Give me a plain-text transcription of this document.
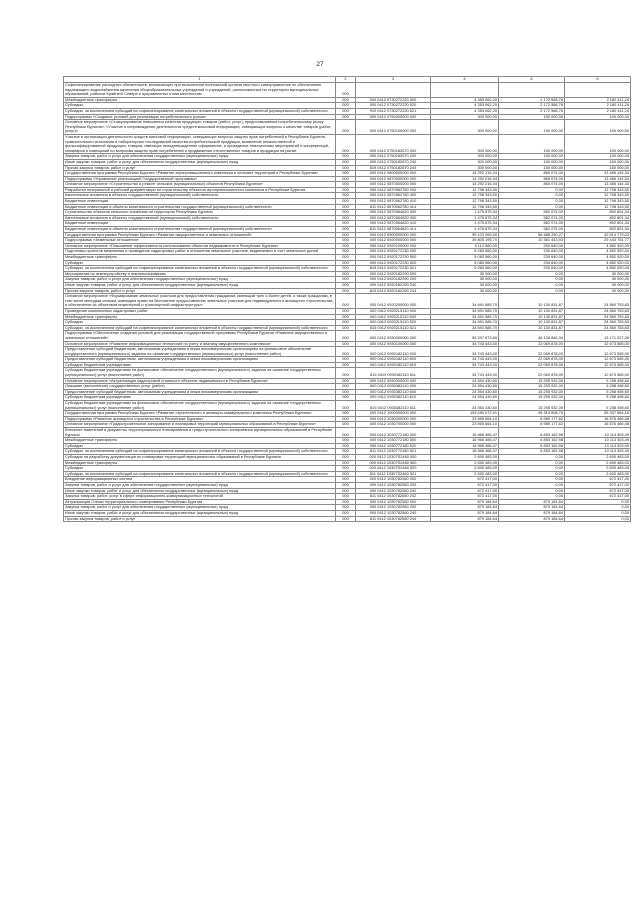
27
1	2	3	4	5	6
Софинансирование расходных обязательств, возникающих при выполнении полномочий органов местного самоуправления по обеспечению надлежащего водоснабжения населения общеобразовательных учреждений и учреждений, расположенных на территории муниципальных образований, районов Крайнего Севера и приравненных к ним местностям	000				
Межбюджетные трансферты	000	000 0412 0730272220 500	4 353 062,20	2 172 568,76	2 180 411,24
Субсидии	000	000 0412 0730272220 520	4 353 062,20	2 172 568,76	2 180 411,24
Субсидии, за исключением субсидий на софинансирование капитальных вложений в объекты государственной (муниципальной) собственности	000	910 0412 0730272220 521	4 353 062,20	2 172 568,76	2 180 411,24
Подпрограмма «Создание условий для реализации потребительского рынка»	000	000 0412 0750000000 000	300 000,00	150 000,00	150 000,00
Основное мероприятие «Стимулирование повышения качества продукции, товаров (работ, услуг), предоставляемых потребительскому рынку Республики Бурятия»; «Участие в сопровождении деятельности средств массовой информации, освещающих вопросы о качестве товаров (работ, услуг)»	000	000 0412 0750100000 000	300 000,00	150 000,00	150 000,00
Участие в организации деятельности средств массовой информации, освещающих вопросы защиты прав потребителей в Республике Бурятия, сравнительного испытания и лабораторных исследований качества потребительской продукции, выявление некачественной и фальсифицированной продукции, товаров, имеющих неподтвержденное оформление, и проведение тематических мероприятий и конференций, семинаров и совещаний по вопросам защиты прав потребителей и продвижения отечественных товаров и продукции на рынке	000	000 0412 0750182670 000	300 000,00	150 000,00	150 000,00
Закупка товаров, работ и услуг для обеспечения государственных (муниципальных) нужд	000	000 0412 0750182670 200	300 000,00	150 000,00	150 000,00
Иные закупки товаров, работ и услуг для обеспечения государственных (муниципальных) нужд	000	000 0412 0750182670 240	300 000,00	150 000,00	150 000,00
Прочая закупка товаров, работ и услуг	000	819 0412 0750182670 244	300 000,00	150 000,00	150 000,00
Государственная программа Республики Бурятия «Развитие агропромышленного комплекса и сельских территорий в Республике Бурятия»	000	000 0412 0800000000 000	14 292 216,34	865 074,00	13 486 144,34
Подпрограмма «Управление реализацией Государственной программы»	000	000 0412 0870000000 000	14 292 216,34	865 074,00	13 486 144,34
Основное мероприятие «Строительство и ремонт сельских (муниципальных) объектов Республики Бурятия»	000	000 0412 0870500000 000	14 292 216,34	865 074,00	13 486 144,34
Разработка генеральной и рабочей документации по строительству объектов агропромышленного комплекса в Республике Бурятия	000	000 0412 0870562780 000	12 798 343,50	0,00	12 798 343,50
Капитальные вложения в объекты государственной (муниципальной) собственности	000	000 0412 0870562780 400	12 798 343,50	0,00	12 798 343,50
Бюджетные инвестиции	000	000 0412 0870562780 410	12 798 343,50	0,00	12 798 343,50
Бюджетные инвестиции в объекты капитального строительства государственной (муниципальной) собственности	000	811 0412 0870562780 414	12 798 343,50	0,00	12 798 343,50
Строительство объектов сельского хозяйства на территории Республики Бурятия	000	000 0412 0870564820 000	1 475 875,34	582 074,00	892 801,34
Капитальные вложения в объекты государственной (муниципальной) собственности	000	000 0412 0870564820 400	1 475 875,34	582 074,00	892 801,34
Бюджетные инвестиции	000	000 0412 0870564820 410	1 475 875,34	582 074,00	892 801,34
Бюджетные инвестиции в объекты капитального строительства государственной (муниципальной) собственности	000	811 0412 0870564820 414	1 475 875,34	582 074,00	892 801,34
Государственная программа Республики Бурятия «Развитие имущественных и земельных отношений»	000	000 0412 0900000000 000	99 103 069,30	56 488 290,27	42 614 779,03
Подпрограмма «Земельные отношения»	000	000 0412 0920000000 000	39 805 195,70	10 361 443,93	29 443 751,77
Основное мероприятие «Повышение эффективности использования объектов недвижимости в Республике Бурятия»	000	000 0412 0920100000 000	5 113 560,00	250 640,00	4 862 920,00
Подготовка проектов межевания и проведение кадастровых работ в отношении земельных участков, выделяемых в счет земельных долей	000	000 0412 0920172230 000	5 083 560,00	230 640,00	4 852 920,00
Межбюджетные трансферты	000	000 0412 0920172230 500	5 083 560,00	230 640,00	4 852 920,00
Субсидии	000	000 0412 0920172230 520	5 083 560,00	230 640,00	4 852 920,00
Субсидии, за исключением субсидий на софинансирование капитальных вложений в объекты государственной (муниципальной) собственности	000	815 0412 0920172230 521	5 083 560,00	230 640,00	4 852 920,00
Мероприятия по землеустройству и землепользованию	000	000 0412 0920182290 000	30 000,00	0,00	30 000,00
Закупка товаров, работ и услуг для обеспечения государственных (муниципальных) нужд	000	000 0412 0920182290 200	30 000,00	0,00	30 000,00
Иные закупки товаров, работ и услуг для обеспечения государственных (муниципальных) нужд	000	000 0412 0920182290 240	30 000,00	0,00	30 000,00
Прочая закупка товаров, работ и услуг	000	815 0412 0920182290 244	30 000,00	0,00	30 000,00
Основное мероприятие «Формирование земельных участков для предоставления гражданам, имеющим трех и более детей, а также гражданам, в том числе молодым семьям, имеющим право на бесплатное предоставление земельных участков для индивидуального жилищного строительства, и обеспечение их объектами инженерной и транспортной инфраструктуры»	000	000 0412 0920200000 000	34 691 585,70	10 130 831,87	24 560 753,83
Проведение комплексных кадастровых работ	000	000 0412 09202L5110 000	34 691 585,70	10 130 831,87	24 560 753,83
Межбюджетные трансферты	000	000 0412 09202L5110 500	34 691 585,70	10 130 831,87	24 560 753,83
Субсидии	000	000 0412 09202L5110 520	34 691 585,70	10 130 831,87	24 560 753,83
Субсидии, за исключением субсидий на софинансирование капитальных вложений в объекты государственной (муниципальной) собственности	000	815 0412 09202L5110 521	34 691 585,70	10 130 831,87	24 560 753,83
Подпрограмма «Обеспечение создания условий для реализации государственной программы Республики Бурятия «Развитие имущественных и земельных отношений»	000	000 0412 0930000000 000	59 297 873,60	46 126 846,34	13 171 027,26
Основное мероприятие «Развитие информационных технологий по учету и анализу имущественного комплекса»	000	000 0412 0930100000 000	34 743 443,00	22 069 878,00	12 673 565,00
Предоставление субсидий бюджетным, автономным учреждениям и иным некоммерческим организациям на финансовое обеспечение государственного (муниципального) задания на оказание государственных (муниципальных) услуг (выполнение работ)	000	000 0412 0930182110 000	34 743 443,00	22 069 878,00	12 673 565,00
Предоставление субсидий бюджетным, автономным учреждениям и иным некоммерческим организациям	000	000 0412 0930182110 600	34 743 443,00	22 069 878,00	12 673 565,00
Субсидии бюджетным учреждениям	000	000 0412 0930182110 610	34 743 443,00	22 069 878,00	12 673 565,00
Субсидии бюджетным учреждениям на финансовое обеспечение государственного (муниципального) задания на оказание государственных (муниципальных) услуг (выполнение работ)	000	815 0412 0930182110 611	34 743 443,00	22 069 878,00	12 673 565,00
Основное мероприятие «Актуализация кадастровой стоимости объектов недвижимости в Республике Бурятия»	000	000 0412 0930300000 000	24 554 430,60	15 295 932,00	9 258 498,60
Оказание (выполнение) государственных услуг (работ)	000	000 0412 0930382110 000	24 554 430,60	15 295 932,00	9 258 498,60
Предоставление субсидий бюджетным, автономным учреждениям и иным некоммерческим организациям	000	000 0412 0930382110 600	24 554 430,60	15 295 932,00	9 258 498,60
Субсидии бюджетным учреждениям	000	000 0412 0930382110 610	24 554 430,60	15 295 932,00	9 258 498,60
Субсидии бюджетным учреждениям на финансовое обеспечение государственного (муниципального) задания на оказание государственных (муниципальных) услуг (выполнение работ)	000	815 0412 0930382110 611	24 554 430,60	15 295 932,00	9 258 498,60
Государственная программа Республики Бурятия «Развитие строительного и жилищно-коммунального комплекса Республики Бурятия»	000	000 0412 1000000000 000	153 650 072,91	98 312 508,75	55 337 564,16
Подпрограмма «Развитие жилищного строительства в Республике Бурятия»	000	000 0412 1030000000 000	23 565 664,10	6 989 177,62	16 576 486,48
Основное мероприятие «Градостроительное зонирование и планировка территорий муниципальных образований в Республике Бурятия»	000	000 0412 1030700000 000	23 565 664,10	6 989 177,62	16 576 486,48
Внесение изменений в документы территориального планирования и градостроительного зонирования муниципальных образований в Республике Бурятия	000	000 0412 1030772180 000	16 966 466,47	6 853 162,98	10 113 303,49
Межбюджетные трансферты	000	000 0412 1030772180 500	16 966 466,47	6 853 162,98	10 113 303,49
Субсидии	000	000 0412 1030772180 520	16 966 466,47	6 853 162,98	10 113 303,49
Субсидии, за исключением субсидий на софинансирование капитальных вложений в объекты государственной (муниципальной) собственности	000	811 0412 1030772180 521	16 966 466,47	6 853 162,98	10 113 303,49
Субсидия на разработку документации по планировке территорий муниципальных образований в Республике Бурятия	000	000 0412 10307S2460 000	2 600 483,00	0,00	2 600 483,00
Межбюджетные трансферты	000	000 0412 10307S2460 500	2 600 483,00	0,00	2 600 483,00
Субсидии	000	000 0412 10307S2460 520	2 600 483,00	0,00	2 600 483,00
Субсидии, за исключением субсидий на софинансирование капитальных вложений в объекты государственной (муниципальной) собственности	000	811 0412 10307S2460 521	2 600 483,00	0,00	2 600 483,00
Внедрение информационных систем	000	000 0412 1030782550 000	672 417,00	0,00	672 417,00
Закупка товаров, работ и услуг для обеспечения государственных (муниципальных) нужд	000	000 0412 1030782550 200	672 417,00	0,00	672 417,00
Иные закупки товаров, работ и услуг для обеспечения государственных (муниципальных) нужд	000	000 0412 1030782550 240	672 417,00	0,00	672 417,00
Закупка товаров, работ, услуг в сфере информационно-коммуникационных технологий	000	811 0412 1030782550 242	672 417,00	0,00	672 417,00
Актуализация Схемы территориального планирования Республики Бурятия	000	000 0412 1030782560 000	879 184,64	879 184,64	0,00
Закупка товаров, работ и услуг для обеспечения государственных (муниципальных) нужд	000	000 0412 1030782560 200	879 184,64	879 184,64	0,00
Иные закупки товаров, работ и услуг для обеспечения государственных (муниципальных) нужд	000	000 0412 1030782560 240	879 184,64	879 184,64	0,00
Прочая закупка товаров, работ и услуг	000	811 0412 1030782560 244	879 184,64	879 184,64	0,00
